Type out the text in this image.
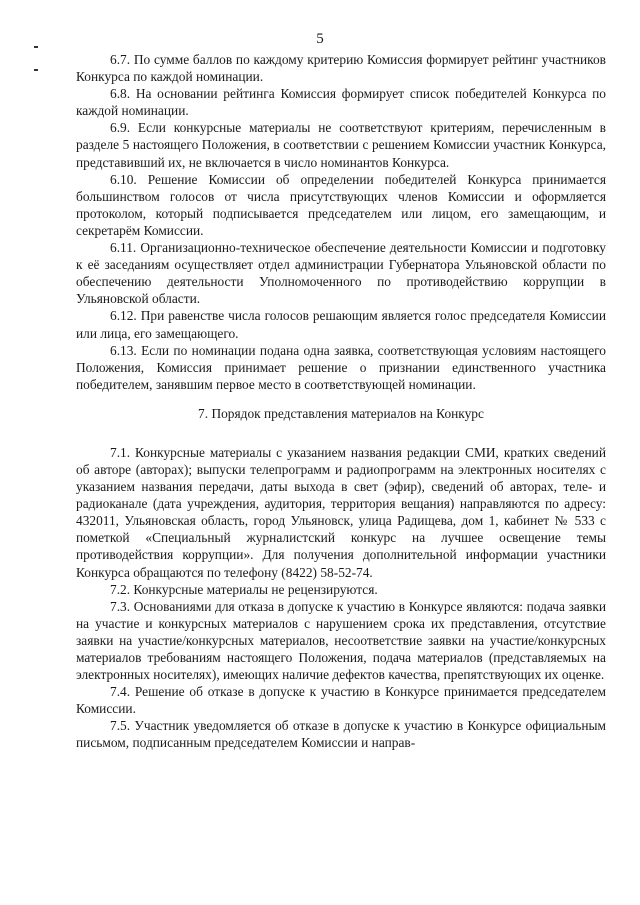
5

6.7. По сумме баллов по каждому критерию Комиссия формирует рейтинг участников Конкурса по каждой номинации.

6.8. На основании рейтинга Комиссия формирует список победителей Конкурса по каждой номинации.

6.9. Если конкурсные материалы не соответствуют критериям, перечисленным в разделе 5 настоящего Положения, в соответствии с решением Комиссии участник Конкурса, представивший их, не включается в число номинантов Конкурса.

6.10. Решение Комиссии об определении победителей Конкурса принимается большинством голосов от числа присутствующих членов Комиссии и оформляется протоколом, который подписывается председателем или лицом, его замещающим, и секретарём Комиссии.

6.11. Организационно-техническое обеспечение деятельности Комиссии и подготовку к её заседаниям осуществляет отдел администрации Губернатора Ульяновской области по обеспечению деятельности Уполномоченного по противодействию коррупции в Ульяновской области.

6.12. При равенстве числа голосов решающим является голос председателя Комиссии или лица, его замещающего.

6.13. Если по номинации подана одна заявка, соответствующая условиям настоящего Положения, Комиссия принимает решение о признании единственного участника победителем, занявшим первое место в соответствующей номинации.

7. Порядок представления материалов на Конкурс

7.1. Конкурсные материалы с указанием названия редакции СМИ, кратких сведений об авторе (авторах); выпуски телепрограмм и радиопрограмм на электронных носителях с указанием названия передачи, даты выхода в свет (эфир), сведений об авторах, теле- и радиоканале (дата учреждения, аудитория, территория вещания) направляются по адресу: 432011, Ульяновская область, город Ульяновск, улица Радищева, дом 1, кабинет № 533 с пометкой «Специальный журналистский конкурс на лучшее освещение темы противодействия коррупции». Для получения дополнительной информации участники Конкурса обращаются по телефону (8422) 58-52-74.

7.2. Конкурсные материалы не рецензируются.

7.3. Основаниями для отказа в допуске к участию в Конкурсе являются: подача заявки на участие и конкурсных материалов с нарушением срока их представления, отсутствие заявки на участие/конкурсных материалов, несоответствие заявки на участие/конкурсных материалов требованиям настоящего Положения, подача материалов (представляемых на электронных носителях), имеющих наличие дефектов качества, препятствующих их оценке.

7.4. Решение об отказе в допуске к участию в Конкурсе принимается председателем Комиссии.

7.5. Участник уведомляется об отказе в допуске к участию в Конкурсе официальным письмом, подписанным председателем Комиссии и направ-
